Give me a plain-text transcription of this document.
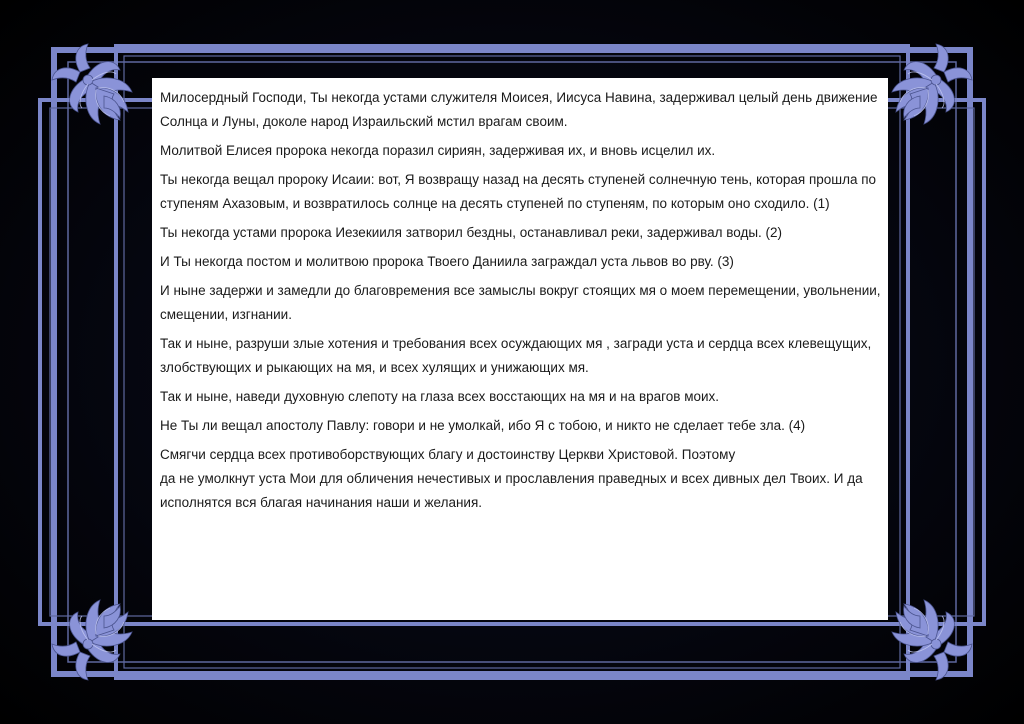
Милосердный Господи, Ты некогда устами служителя Моисея, Иисуса Навина, задерживал целый день движение Солнца и Луны, доколе народ Израильский мстил врагам своим.

Молитвой Елисея пророка некогда поразил сириян, задерживая их, и вновь исцелил их.

Ты некогда вещал пророку Исаии: вот, Я возвращу назад на десять ступеней солнечную тень, которая прошла по ступеням Ахазовым, и возвратилось солнце на десять ступеней по ступеням, по которым оно сходило. (1)

Ты некогда устами пророка Иезекииля затворил бездны, останавливал реки, задерживал воды. (2)

И Ты некогда постом и молитвою пророка Твоего Даниила заграждал уста львов во рву. (3)

И ныне задержи и замедли до благовремения все замыслы вокруг стоящих мя о моем перемещении, увольнении, смещении, изгнании.

Так и ныне, разруши злые хотения и требования всех осуждающих мя , загради уста и сердца всех клевещущих, злобствующих и рыкающих на мя, и всех хулящих и унижающих мя.

Так и ныне, наведи духовную слепоту на глаза всех восстающих на мя и на врагов моих.

Не Ты ли вещал апостолу Павлу: говори и не умолкай, ибо Я с тобою, и никто не сделает тебе зла. (4)

Смягчи сердца всех противоборствующих благу и достоинству Церкви Христовой. Поэтому
да не умолкнут уста Мои для обличения нечестивых и прославления праведных и всех дивных дел Твоих. И да исполнятся вся благая начинания наши и желания.
